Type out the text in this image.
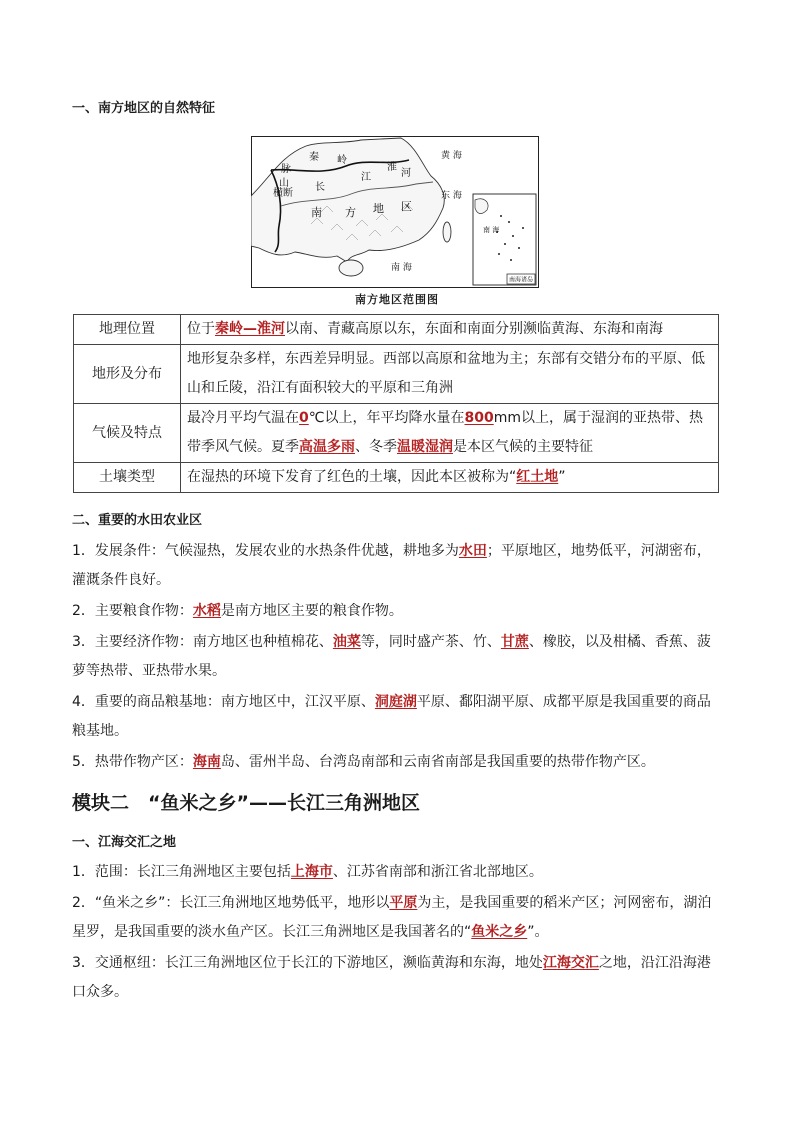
一、南方地区的自然特征
南海诸岛
南 海
秦 岭
淮
河
脉
山
横 断
长
江
南 方 地 区
黄 海
东 海
南 海
南方地区范围图
地理位置	位于秦岭—淮河以南、青藏高原以东，东面和南面分别濒临黄海、东海和南海
地形及分布	地形复杂多样，东西差异明显。西部以高原和盆地为主；东部有交错分布的平原、低山和丘陵，沿江有面积较大的平原和三角洲
气候及特点	最冷月平均气温在0℃以上，年平均降水量在800mm以上，属于湿润的亚热带、热带季风气候。夏季高温多雨、冬季温暖湿润是本区气候的主要特征
土壤类型	在湿热的环境下发育了红色的土壤，因此本区被称为“红土地”
二、重要的水田农业区

1．发展条件：气候湿热，发展农业的水热条件优越，耕地多为水田；平原地区，地势低平，河湖密布，灌溉条件良好。

2．主要粮食作物：水稻是南方地区主要的粮食作物。

3．主要经济作物：南方地区也种植棉花、油菜等，同时盛产茶、竹、甘蔗、橡胶，以及柑橘、香蕉、菠萝等热带、亚热带水果。

4．重要的商品粮基地：南方地区中，江汉平原、洞庭湖平原、鄱阳湖平原、成都平原是我国重要的商品粮基地。

5．热带作物产区：海南岛、雷州半岛、台湾岛南部和云南省南部是我国重要的热带作物产区。

模块二　“鱼米之乡”——长江三角洲地区
一、江海交汇之地

1．范围：长江三角洲地区主要包括上海市、江苏省南部和浙江省北部地区。

2．“鱼米之乡”：长江三角洲地区地势低平，地形以平原为主，是我国重要的稻米产区；河网密布，湖泊星罗，是我国重要的淡水鱼产区。长江三角洲地区是我国著名的“鱼米之乡”。

3．交通枢纽：长江三角洲地区位于长江的下游地区，濒临黄海和东海，地处江海交汇之地，沿江沿海港口众多。
